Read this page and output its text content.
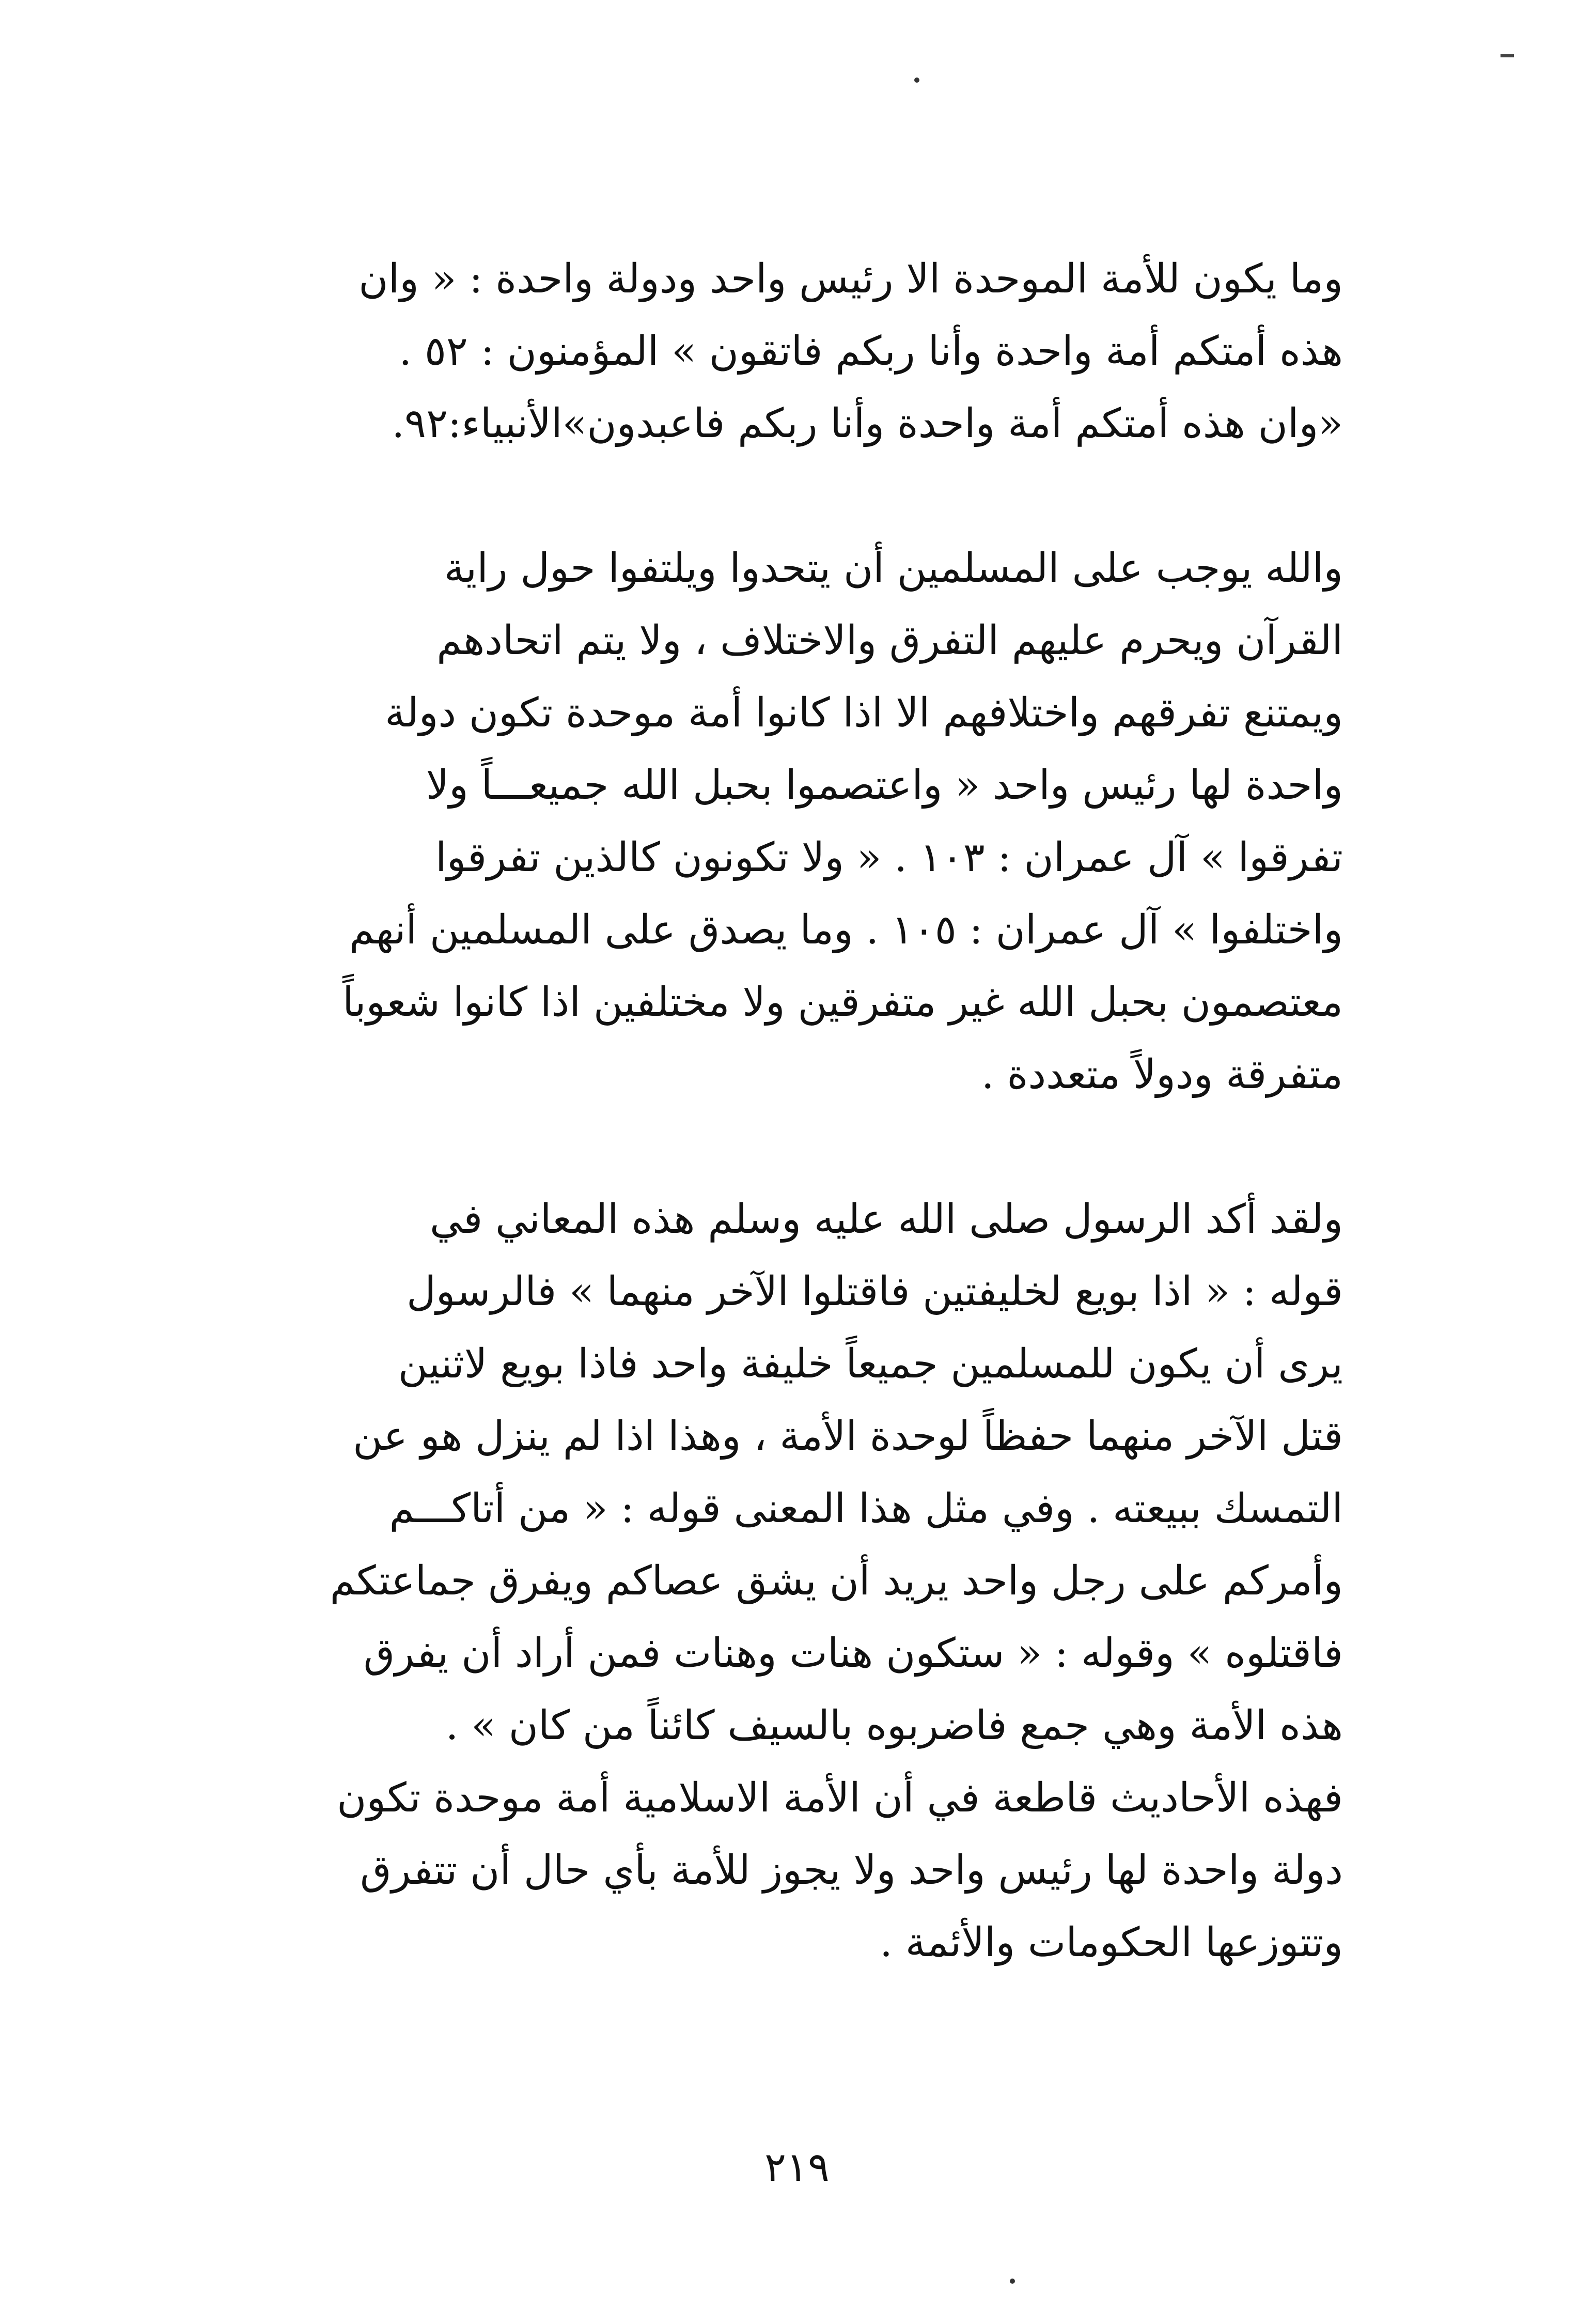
وما يكون للأمة الموحدة الا رئيس واحد ودولة واحدة : « وان
هذه أمتكم أمة واحدة وأنا ربكم فاتقون » المؤمنون : ٥٢ .
«وان هذه أمتكم أمة واحدة وأنا ربكم فاعبدون»الأنبياء:٩٢.
والله يوجب على المسلمين أن يتحدوا ويلتفوا حول راية
القرآن ويحرم عليهم التفرق والاختلاف ، ولا يتم اتحادهم
ويمتنع تفرقهم واختلافهم الا اذا كانوا أمة موحدة تكون دولة
واحدة لها رئيس واحد « واعتصموا بحبل الله جميعـــاً ولا
تفرقوا » آل عمران : ١٠٣ . « ولا تكونون كالذين تفرقوا
واختلفوا » آل عمران : ١٠٥ . وما يصدق على المسلمين أنهم
معتصمون بحبل الله غير متفرقين ولا مختلفين اذا كانوا شعوباً
متفرقة ودولاً متعددة .
ولقد أكد الرسول صلى الله عليه وسلم هذه المعاني في
قوله : « اذا بويع لخليفتين فاقتلوا الآخر منهما » فالرسول
يرى أن يكون للمسلمين جميعاً خليفة واحد فاذا بويع لاثنين
قتل الآخر منهما حفظاً لوحدة الأمة ، وهذا اذا لم ينزل هو عن
التمسك ببيعته . وفي مثل هذا المعنى قوله : « من أتاكـــم
وأمركم على رجل واحد يريد أن يشق عصاكم ويفرق جماعتكم
فاقتلوه » وقوله : « ستكون هنات وهنات فمن أراد أن يفرق
هذه الأمة وهي جمع فاضربوه بالسيف كائناً من كان » .
فهذه الأحاديث قاطعة في أن الأمة الاسلامية أمة موحدة تكون
دولة واحدة لها رئيس واحد ولا يجوز للأمة بأي حال أن تتفرق
وتتوزعها الحكومات والأئمة .
٢١٩
